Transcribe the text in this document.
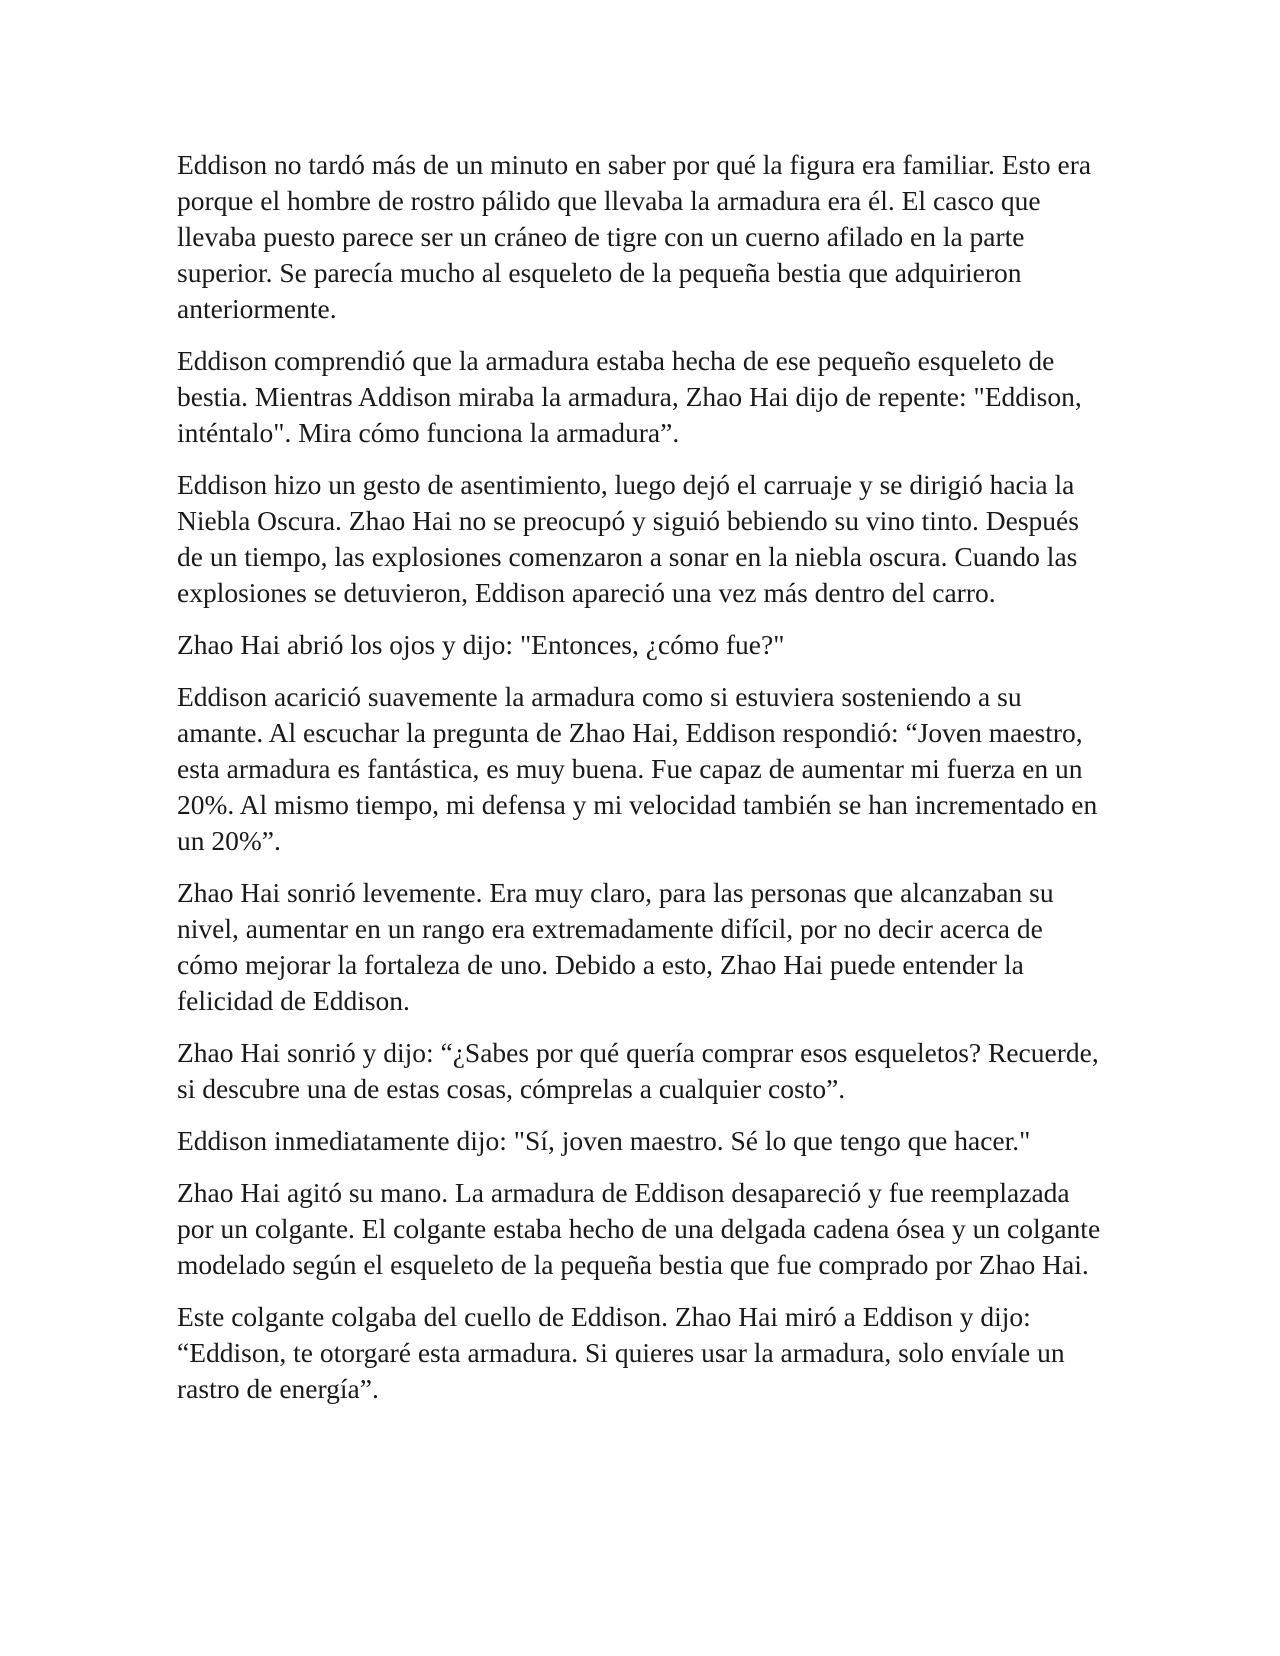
Eddison no tardó más de un minuto en saber por qué la figura era familiar. Esto era porque el hombre de rostro pálido que llevaba la armadura era él. El casco que llevaba puesto parece ser un cráneo de tigre con un cuerno afilado en la parte superior. Se parecía mucho al esqueleto de la pequeña bestia que adquirieron anteriormente.

Eddison comprendió que la armadura estaba hecha de ese pequeño esqueleto de bestia. Mientras Addison miraba la armadura, Zhao Hai dijo de repente: "Eddison, inténtalo". Mira cómo funciona la armadura”.

Eddison hizo un gesto de asentimiento, luego dejó el carruaje y se dirigió hacia la Niebla Oscura. Zhao Hai no se preocupó y siguió bebiendo su vino tinto. Después de un tiempo, las explosiones comenzaron a sonar en la niebla oscura. Cuando las explosiones se detuvieron, Eddison apareció una vez más dentro del carro.

Zhao Hai abrió los ojos y dijo: "Entonces, ¿cómo fue?"

Eddison acarició suavemente la armadura como si estuviera sosteniendo a su amante. Al escuchar la pregunta de Zhao Hai, Eddison respondió: “Joven maestro, esta armadura es fantástica, es muy buena. Fue capaz de aumentar mi fuerza en un 20%. Al mismo tiempo, mi defensa y mi velocidad también se han incrementado en un 20%”.

Zhao Hai sonrió levemente. Era muy claro, para las personas que alcanzaban su nivel, aumentar en un rango era extremadamente difícil, por no decir acerca de cómo mejorar la fortaleza de uno. Debido a esto, Zhao Hai puede entender la felicidad de Eddison.

Zhao Hai sonrió y dijo: “¿Sabes por qué quería comprar esos esqueletos? Recuerde, si descubre una de estas cosas, cómprelas a cualquier costo”.

Eddison inmediatamente dijo: "Sí, joven maestro. Sé lo que tengo que hacer."

Zhao Hai agitó su mano. La armadura de Eddison desapareció y fue reemplazada por un colgante. El colgante estaba hecho de una delgada cadena ósea y un colgante modelado según el esqueleto de la pequeña bestia que fue comprado por Zhao Hai.

Este colgante colgaba del cuello de Eddison. Zhao Hai miró a Eddison y dijo: “Eddison, te otorgaré esta armadura. Si quieres usar la armadura, solo envíale un rastro de energía”.
